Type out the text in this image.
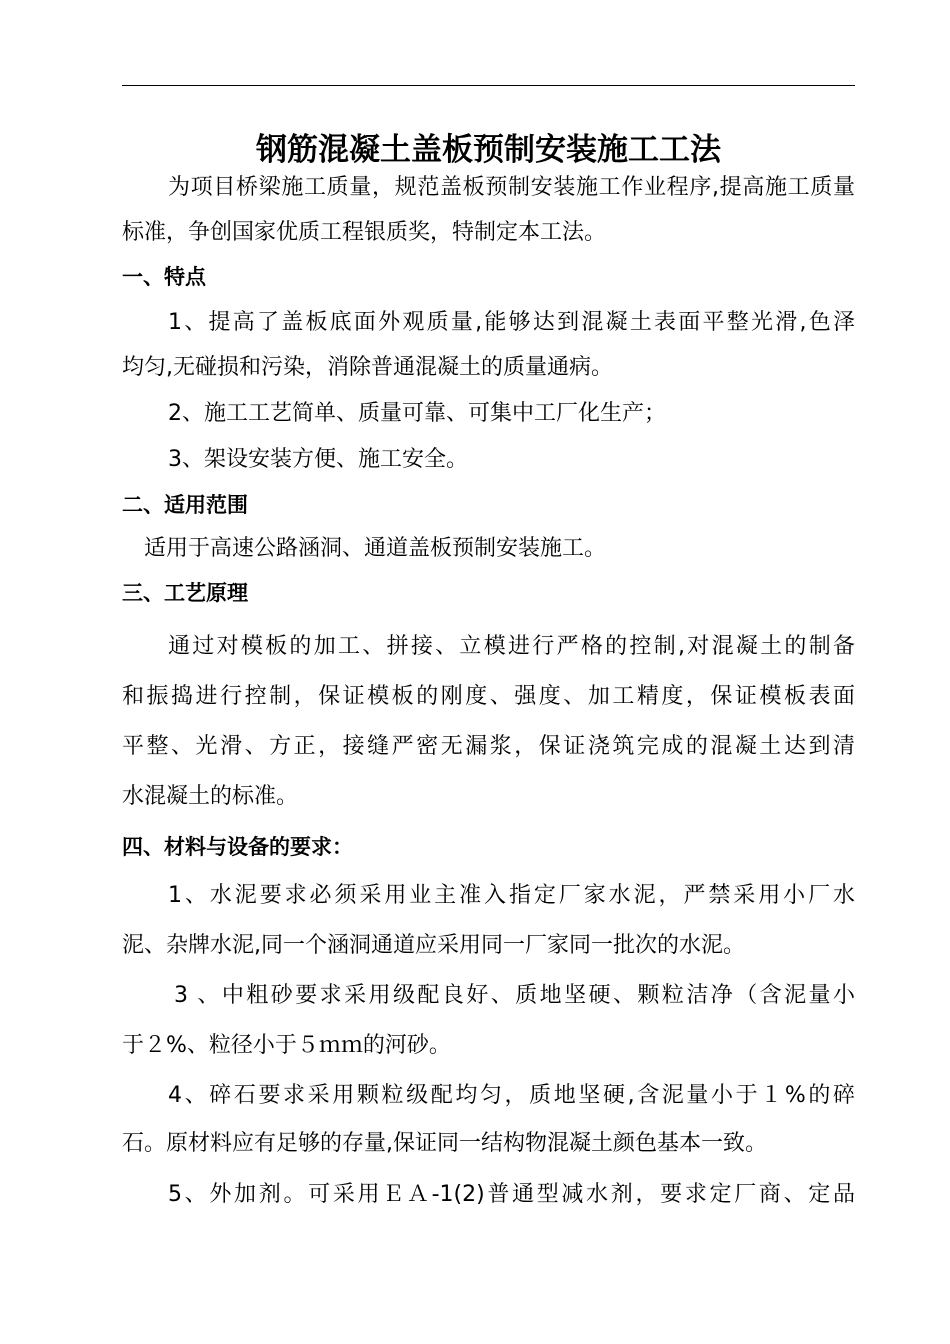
钢筋混凝土盖板预制安装施工工法
为项目桥梁施工质量，规范盖板预制安装施工作业程序,提高施工质量
标准，争创国家优质工程银质奖，特制定本工法。
一、特点
1、提高了盖板底面外观质量,能够达到混凝土表面平整光滑,色泽
均匀,无碰损和污染，消除普通混凝土的质量通病。
2、施工工艺简单、质量可靠、可集中工厂化生产；
3、架设安装方便、施工安全。
二、适用范围
适用于高速公路涵洞、通道盖板预制安装施工。
三、工艺原理
通过对模板的加工、拼接、立模进行严格的控制,对混凝土的制备
和振捣进行控制，保证模板的刚度、强度、加工精度，保证模板表面
平整、光滑、方正，接缝严密无漏浆，保证浇筑完成的混凝土达到清
水混凝土的标准。
四、材料与设备的要求：
1、水泥要求必须采用业主准入指定厂家水泥，严禁采用小厂水
泥、杂牌水泥,同一个涵洞通道应采用同一厂家同一批次的水泥。
3 、中粗砂要求采用级配良好、质地坚硬、颗粒洁净（含泥量小
于２%、粒径小于５ｍｍ的河砂。
4、碎石要求采用颗粒级配均匀，质地坚硬,含泥量小于１%的碎
石。原材料应有足够的存量,保证同一结构物混凝土颜色基本一致。
5、外加剂。可采用ＥＡ-1(2)普通型减水剂，要求定厂商、定品
